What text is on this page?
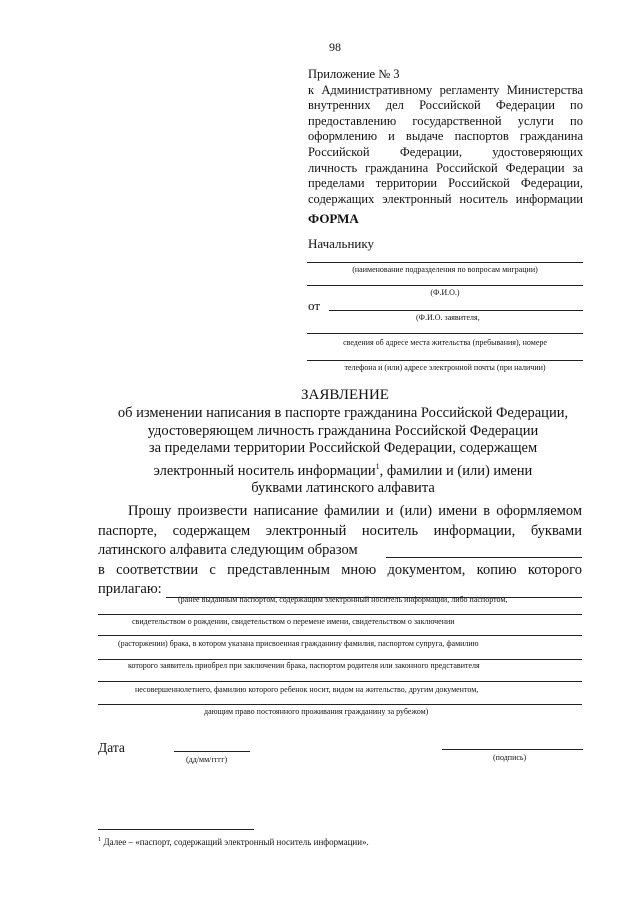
98
Приложение № 3
к Административному регламенту Министерства
внутренних дел Российской Федерации по
предоставлению государственной услуги по
оформлению и выдаче паспортов гражданина
Российской Федерации, удостоверяющих
личность гражданина Российской Федерации за
пределами территории Российской Федерации,
содержащих электронный носитель информации
ФОРМА
Начальнику
(наименование подразделения по вопросам миграции)
(Ф.И.О.)
от
(Ф.И.О. заявителя,
сведения об адресе места жительства (пребывания), номере
телефона и (или) адресе электронной почты (при наличии)
ЗАЯВЛЕНИЕ
об изменении написания в паспорте гражданина Российской Федерации,
удостоверяющем личность гражданина Российской Федерации
за пределами территории Российской Федерации, содержащем
электронный носитель информации$^1$, фамилии и (или) имени
буквами латинского алфавита
Прошу произвести написание фамилии и (или) имени в оформляемом
паспорте, содержащем электронный носитель информации, буквами
латинского алфавита следующим образом
в соответствии с представленным мною документом, копию которого
прилагаю:
(ранее выданным паспортом, содержащим электронный носитель информации, либо паспортом,
свидетельством о рождении, свидетельством о перемене имени, свидетельством о заключении
(расторжении) брака, в котором указана присвоенная гражданину фамилия, паспортом супруга, фамилию
которого заявитель приобрел при заключении брака, паспортом родителя или законного представителя
несовершеннолетнего, фамилию которого ребенок носит, видом на жительство, другим документом,
дающим право постоянного проживания гражданину за рубежом)
Дата
(дд/мм/гггг)	(подпись)
$^1$ Далее – «паспорт, содержащий электронный носитель информации».
